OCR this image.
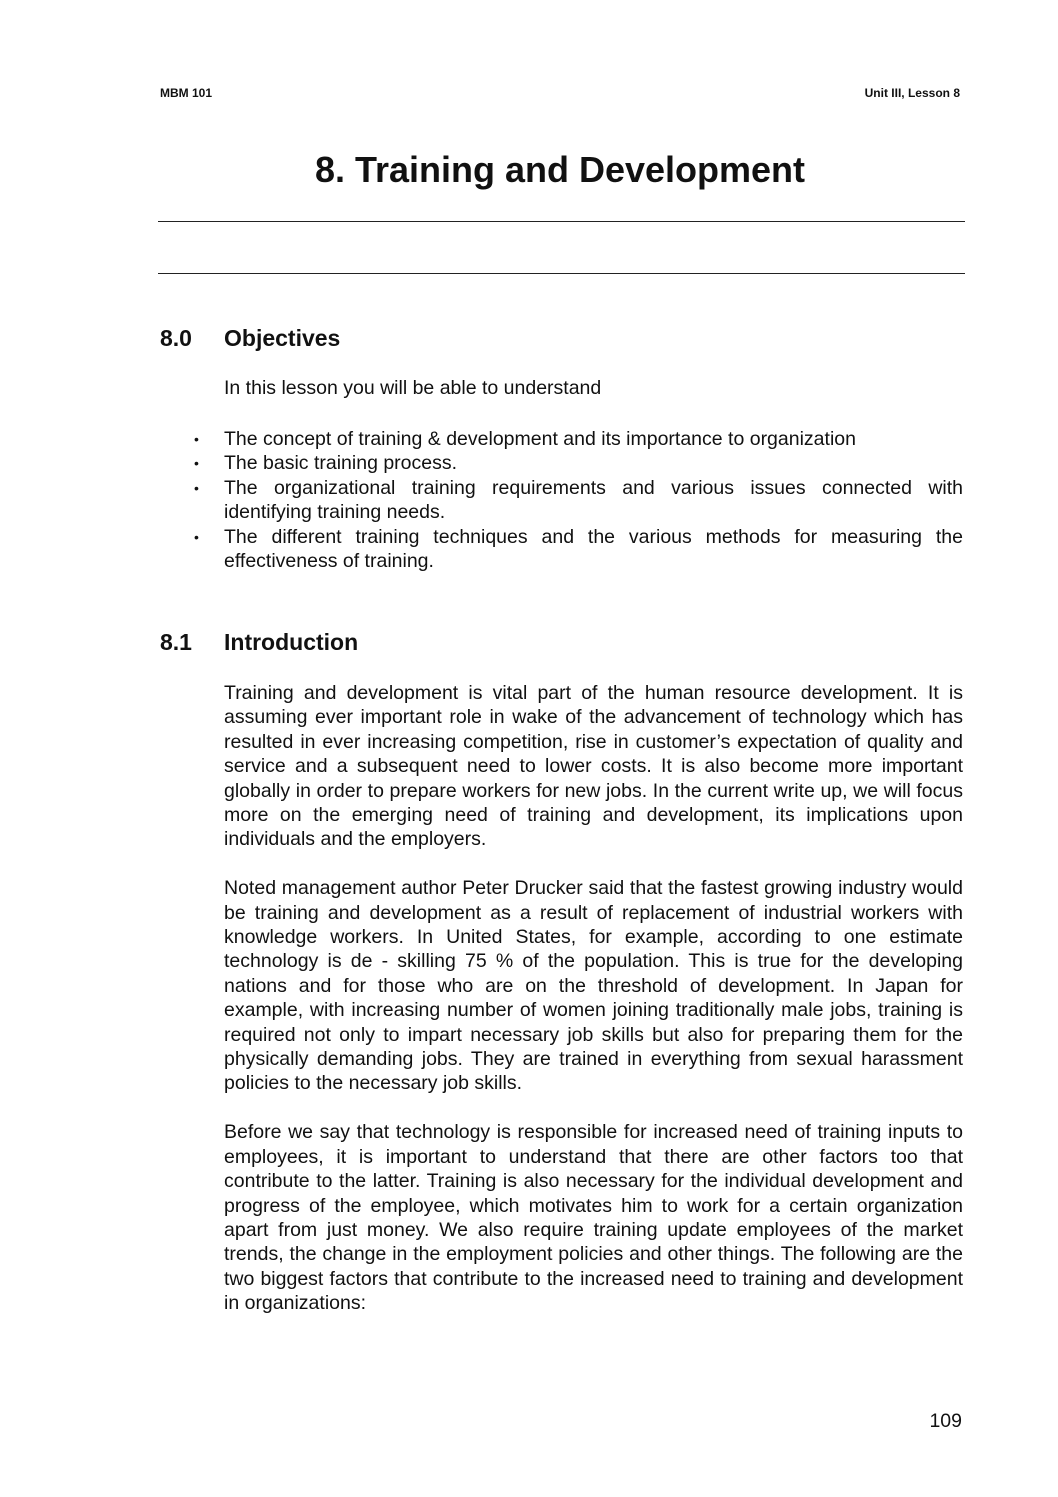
MBM 101	Unit III, Lesson 8
8. Training and Development
8.0 Objectives

In this lesson you will be able to understand

• The concept of training & development and its importance to organization
• The basic training process.
• The organizational training requirements and various issues connected with identifying training needs.
• The different training techniques and the various methods for measuring the effectiveness of training.
8.1 Introduction

Training and development is vital part of the human resource development. It is assuming ever important role in wake of the advancement of technology which has resulted in ever increasing competition, rise in customer’s expectation of quality and service and a subsequent need to lower costs. It is also become more important globally in order to prepare workers for new jobs. In the current write up, we will focus more on the emerging need of training and development, its implications upon individuals and the employers.

Noted management author Peter Drucker said that the fastest growing industry would be training and development as a result of replacement of industrial workers with knowledge workers. In United States, for example, according to one estimate technology is de - skilling 75 % of the population. This is true for the developing nations and for those who are on the threshold of development. In Japan for example, with increasing number of women joining traditionally male jobs, training is required not only to impart necessary job skills but also for preparing them for the physically demanding jobs. They are trained in everything from sexual harassment policies to the necessary job skills.

Before we say that technology is responsible for increased need of training inputs to employees, it is important to understand that there are other factors too that contribute to the latter. Training is also necessary for the individual development and progress of the employee, which motivates him to work for a certain organization apart from just money. We also require training update employees of the market trends, the change in the employment policies and other things. The following are the two biggest factors that contribute to the increased need to training and development in organizations:

109
